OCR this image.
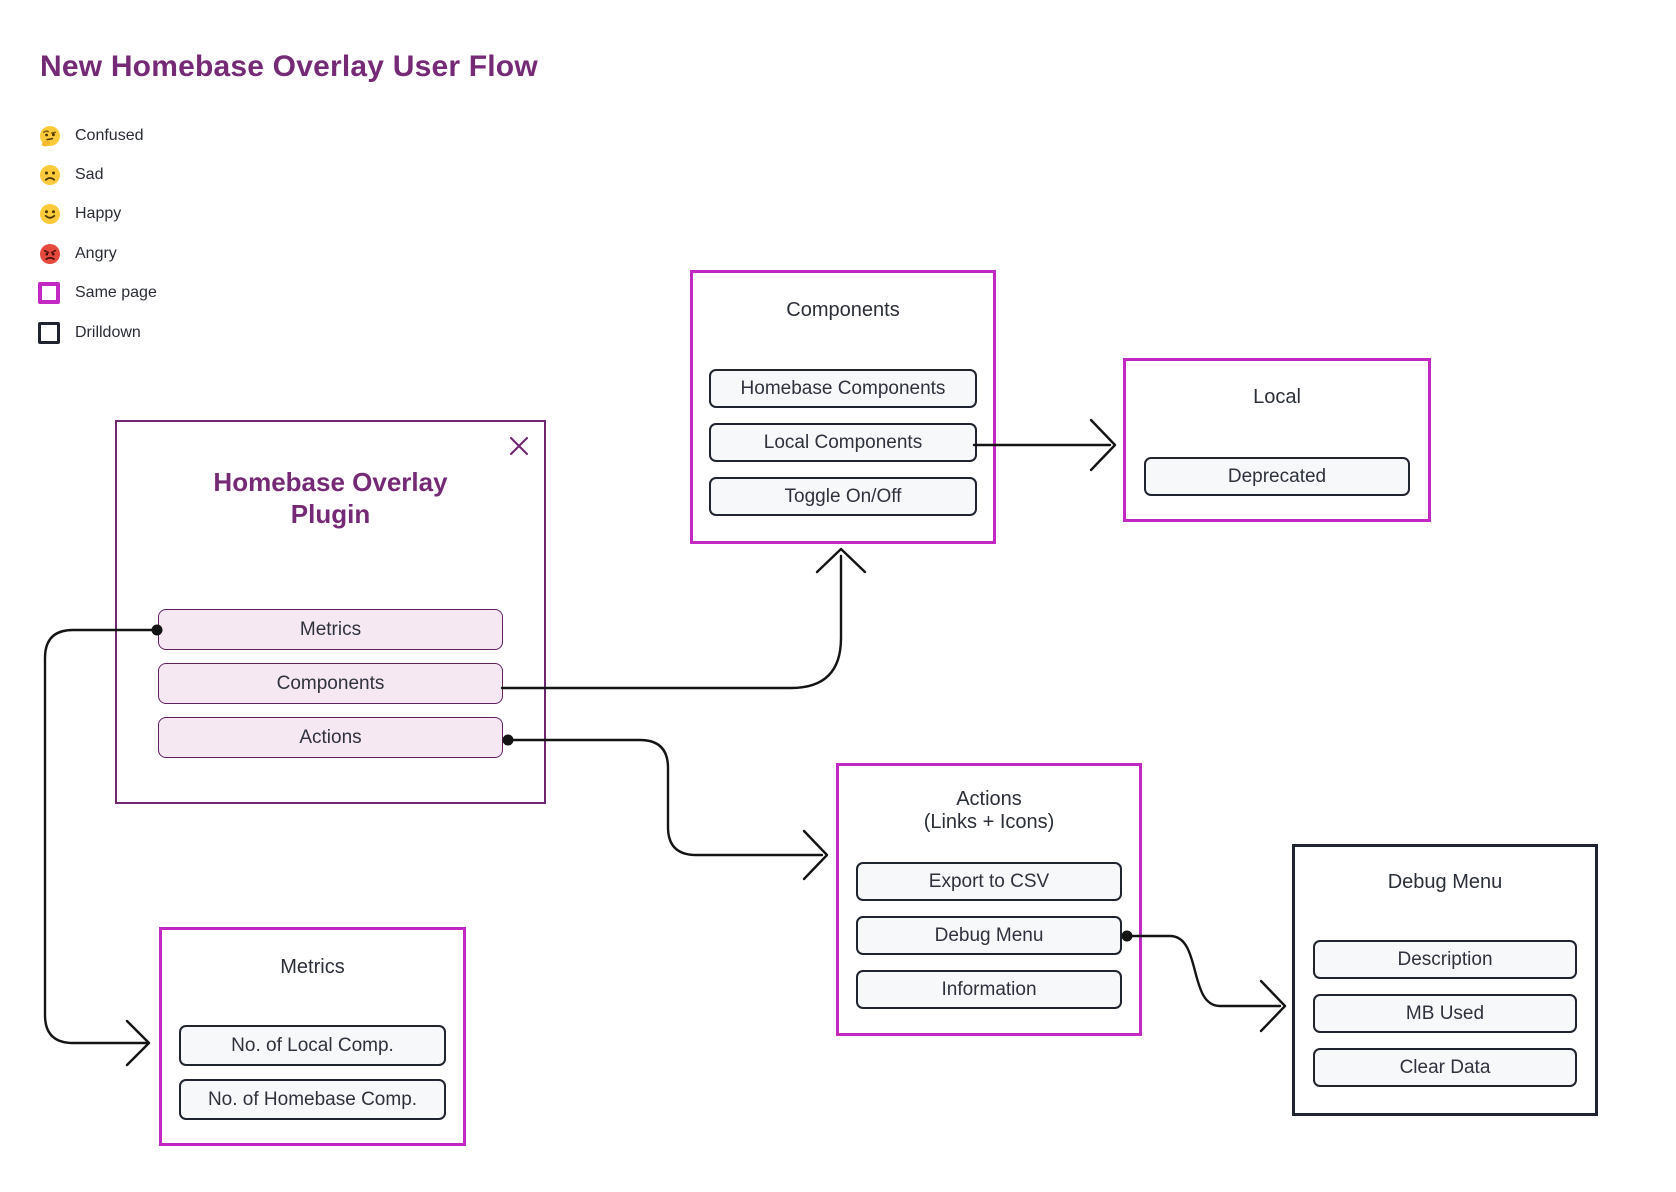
New Homebase Overlay User Flow
Confused
Sad
Happy
Angry
Same page
Drilldown
Homebase Overlay
Plugin
Metrics
Components
Actions
Components
Homebase Components
Local Components
Toggle On/Off
Local
Deprecated
Actions
(Links + Icons)
Export to CSV
Debug Menu
Information
Debug Menu
Description
MB Used
Clear Data
Metrics
No. of Local Comp.
No. of Homebase Comp.
